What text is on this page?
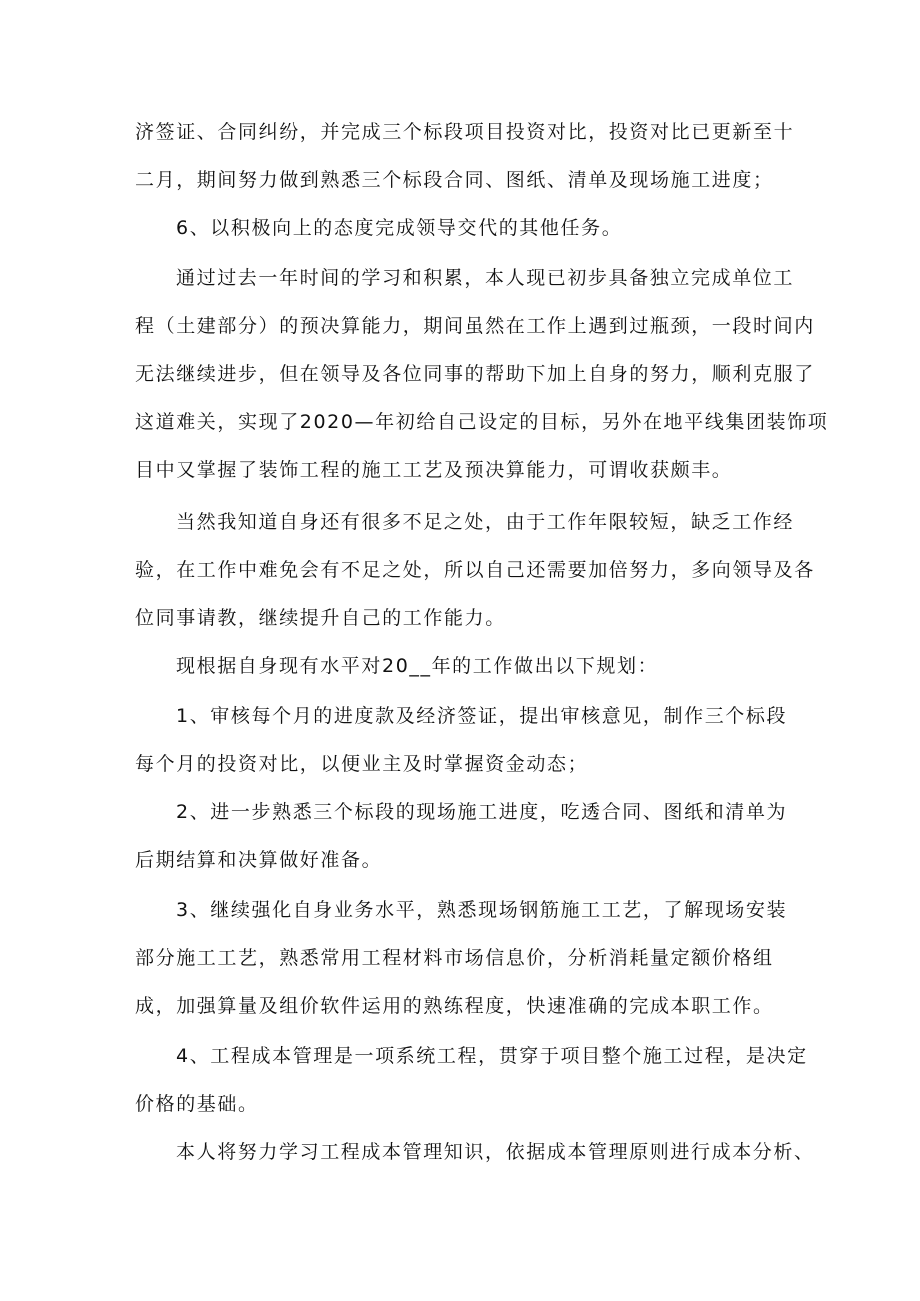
济签证、合同纠纷，并完成三个标段项目投资对比，投资对比已更新至十
二月，期间努力做到熟悉三个标段合同、图纸、清单及现场施工进度；
6、以积极向上的态度完成领导交代的其他任务。
通过过去一年时间的学习和积累，本人现已初步具备独立完成单位工
程（土建部分）的预决算能力，期间虽然在工作上遇到过瓶颈，一段时间内
无法继续进步，但在领导及各位同事的帮助下加上自身的努力，顺利克服了
这道难关，实现了2020—年初给自己设定的目标，另外在地平线集团装饰项
目中又掌握了装饰工程的施工工艺及预决算能力，可谓收获颇丰。
当然我知道自身还有很多不足之处，由于工作年限较短，缺乏工作经
验，在工作中难免会有不足之处，所以自己还需要加倍努力，多向领导及各
位同事请教，继续提升自己的工作能力。
现根据自身现有水平对20__年的工作做出以下规划：
1、审核每个月的进度款及经济签证，提出审核意见，制作三个标段
每个月的投资对比，以便业主及时掌握资金动态；
2、进一步熟悉三个标段的现场施工进度，吃透合同、图纸和清单为
后期结算和决算做好准备。
3、继续强化自身业务水平，熟悉现场钢筋施工工艺，了解现场安装
部分施工工艺，熟悉常用工程材料市场信息价，分析消耗量定额价格组
成，加强算量及组价软件运用的熟练程度，快速准确的完成本职工作。
4、工程成本管理是一项系统工程，贯穿于项目整个施工过程，是决定
价格的基础。
本人将努力学习工程成本管理知识，依据成本管理原则进行成本分析、
